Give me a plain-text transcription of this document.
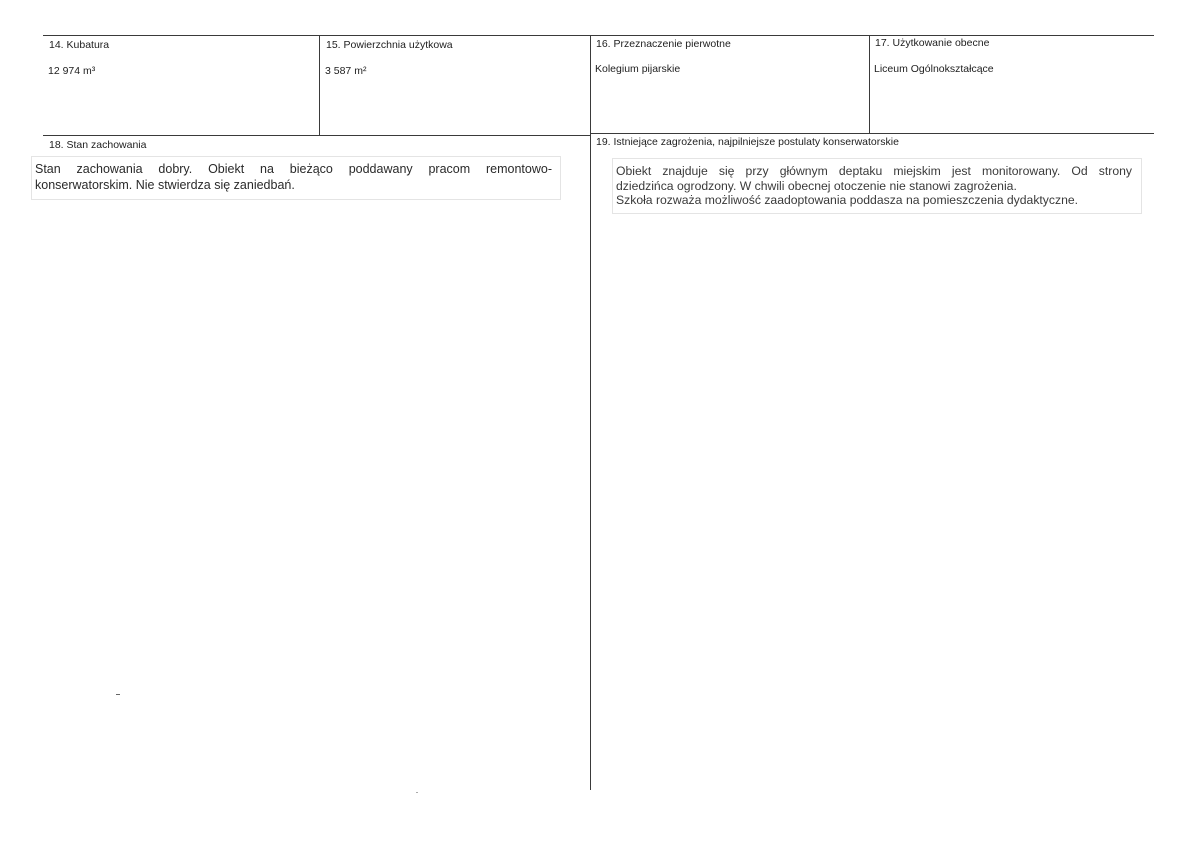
14. Kubatura
12 974 m³
15. Powierzchnia użytkowa
3 587 m²
16. Przeznaczenie pierwotne
Kolegium pijarskie
17. Użytkowanie obecne
Liceum Ogólnokształcące
18. Stan zachowania
Stan zachowania dobry. Obiekt na bieżąco poddawany pracom remontowo-
konserwatorskim. Nie stwierdza się zaniedbań.
19. Istniejące zagrożenia, najpilniejsze postulaty konserwatorskie
Obiekt znajduje się przy głównym deptaku miejskim jest monitorowany. Od strony
dziedzińca ogrodzony. W chwili obecnej otoczenie nie stanowi zagrożenia.
Szkoła rozważa możliwość zaadoptowania poddasza na pomieszczenia dydaktyczne.
